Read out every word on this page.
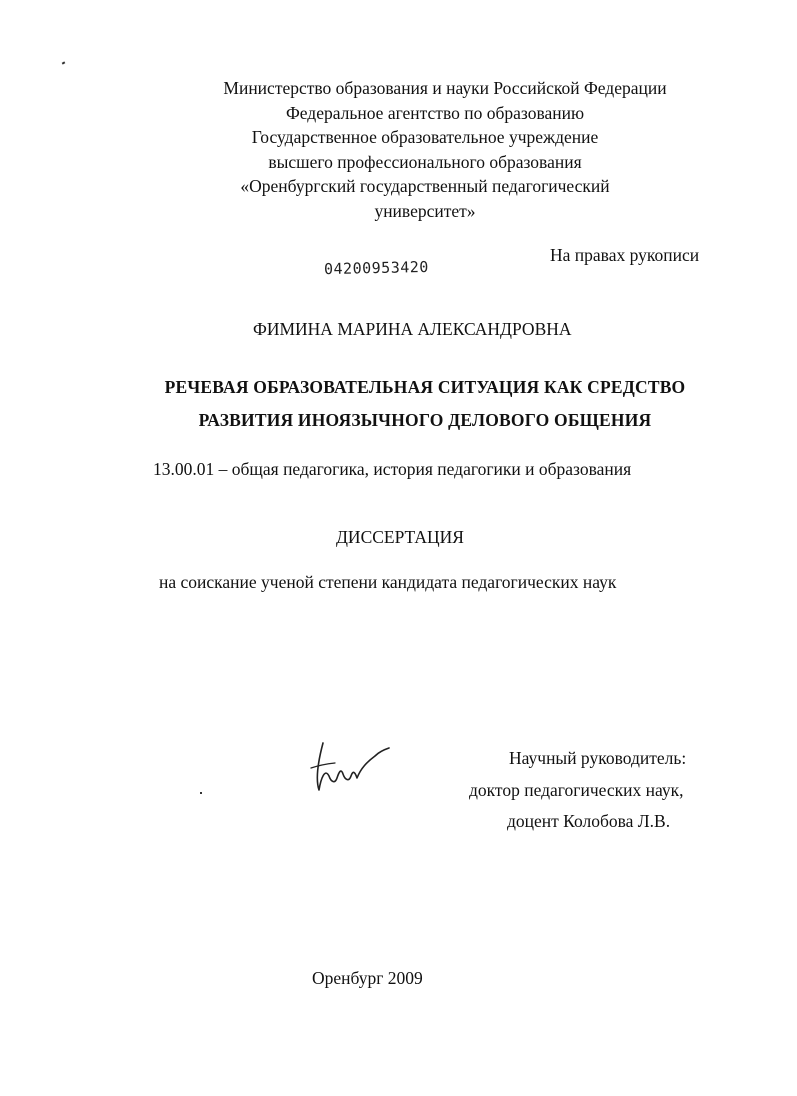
Министерство образования и науки Российской Федерации
Федеральное агентство по образованию
Государственное образовательное учреждение
высшего профессионального образования
«Оренбургский государственный педагогический
университет»
На правах рукописи
04200953420
ФИМИНА МАРИНА АЛЕКСАНДРОВНА
РЕЧЕВАЯ ОБРАЗОВАТЕЛЬНАЯ СИТУАЦИЯ КАК СРЕДСТВО
РАЗВИТИЯ ИНОЯЗЫЧНОГО ДЕЛОВОГО ОБЩЕНИЯ
13.00.01 – общая педагогика, история педагогики и образования
ДИССЕРТАЦИЯ
на соискание ученой степени кандидата педагогических наук
Научный руководитель:
доктор педагогических наук,
доцент Колобова Л.В.
Оренбург 2009
